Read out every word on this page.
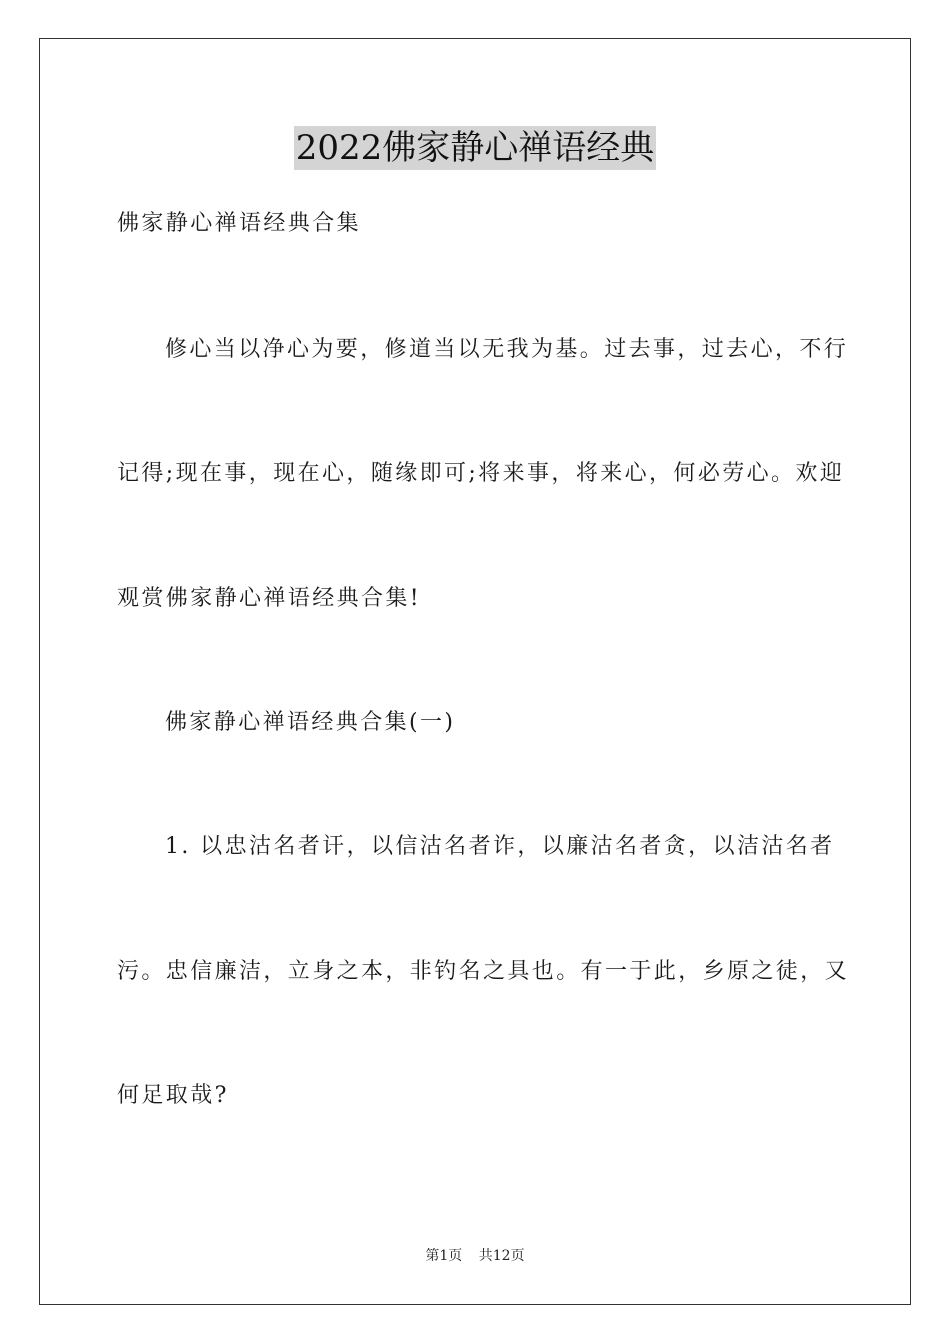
2022佛家静心禅语经典
佛家静心禅语经典合集
修心当以净心为要，修道当以无我为基。过去事，过去心，不行
记得;现在事，现在心，随缘即可;将来事，将来心，何必劳心。欢迎
观赏佛家静心禅语经典合集!
佛家静心禅语经典合集(一)
1. 以忠沽名者讦，以信沽名者诈，以廉沽名者贪，以洁沽名者
污。忠信廉洁，立身之本，非钓名之具也。有一于此，乡原之徒，又
何足取哉?
第1页 共12页
